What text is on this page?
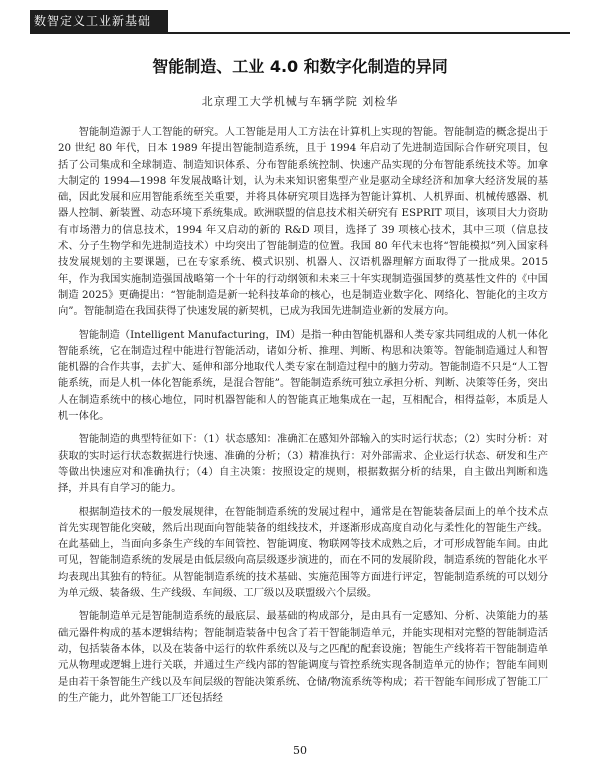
数智定义工业新基础
智能制造、工业 4.0 和数字化制造的异同
北京理工大学机械与车辆学院 刘检华

智能制造源于人工智能的研究。人工智能是用人工方法在计算机上实现的智能。智能制造的概念提出于 20 世纪 80 年代，日本 1989 年提出智能制造系统，且于 1994 年启动了先进制造国际合作研究项目，包括了公司集成和全球制造、制造知识体系、分布智能系统控制、快速产品实现的分布智能系统技术等。加拿大制定的 1994—1998 年发展战略计划，认为未来知识密集型产业是驱动全球经济和加拿大经济发展的基础，因此发展和应用智能系统至关重要，并将具体研究项目选择为智能计算机、人机界面、机械传感器、机器人控制、新装置、动态环境下系统集成。欧洲联盟的信息技术相关研究有 ESPRIT 项目，该项目大力资助有市场潜力的信息技术，1994 年又启动的新的 R&D 项目，选择了 39 项核心技术，其中三项（信息技术、分子生物学和先进制造技术）中均突出了智能制造的位置。我国 80 年代末也将“智能模拟”列入国家科技发展规划的主要课题，已在专家系统、模式识别、机器人、汉语机器理解方面取得了一批成果。2015 年，作为我国实施制造强国战略第一个十年的行动纲领和未来三十年实现制造强国梦的奠基性文件的《中国制造 2025》更确提出：“智能制造是新一轮科技革命的核心，也是制造业数字化、网络化、智能化的主攻方向”。智能制造在我国获得了快速发展的新契机，已成为我国先进制造业新的发展方向。

智能制造（Intelligent Manufacturing，IM）是指一种由智能机器和人类专家共同组成的人机一体化智能系统，它在制造过程中能进行智能活动，诸如分析、推理、判断、构思和决策等。智能制造通过人和智能机器的合作共事，去扩大、延伸和部分地取代人类专家在制造过程中的脑力劳动。智能制造不只是“人工智能系统，而是人机一体化智能系统，是混合智能”。智能制造系统可独立承担分析、判断、决策等任务，突出人在制造系统中的核心地位，同时机器智能和人的智能真正地集成在一起，互相配合，相得益彰，本质是人机一体化。

智能制造的典型特征如下：（1）状态感知：准确汇在感知外部输入的实时运行状态；（2）实时分析：对获取的实时运行状态数据进行快速、准确的分析；（3）精准执行：对外部需求、企业运行状态、研发和生产等做出快速应对和准确执行；（4）自主决策：按照设定的规则，根据数据分析的结果，自主做出判断和选择，并具有自学习的能力。

根据制造技术的一般发展规律，在智能制造系统的发展过程中，通常是在智能装备层面上的单个技术点首先实现智能化突破，然后出现面向智能装备的组线技术，并逐渐形成高度自动化与柔性化的智能生产线。在此基础上，当面向多条生产线的车间管控、智能调度、物联网等技术成熟之后，才可形成智能车间。由此可见，智能制造系统的发展是由低层级向高层级逐步演进的，而在不同的发展阶段，制造系统的智能化水平均表现出其独有的特征。从智能制造系统的技术基础、实施范围等方面进行评定，智能制造系统的可以划分为单元级、装备级、生产线级、车间级、工厂级以及联盟级六个层级。

智能制造单元是智能制造系统的最底层、最基础的构成部分，是由具有一定感知、分析、决策能力的基础元器件构成的基本逻辑结构；智能制造装备中包含了若干智能制造单元，并能实现相对完整的智能制造活动，包括装备本体，以及在装备中运行的软件系统以及与之匹配的配套设施；智能生产线将若干智能制造单元从物理或逻辑上进行关联，并通过生产线内部的智能调度与管控系统实现各制造单元的协作；智能车间则是由若干条智能生产线以及车间层级的智能决策系统、仓储/物流系统等构成；若干智能车间形成了智能工厂的生产能力，此外智能工厂还包括经

50
